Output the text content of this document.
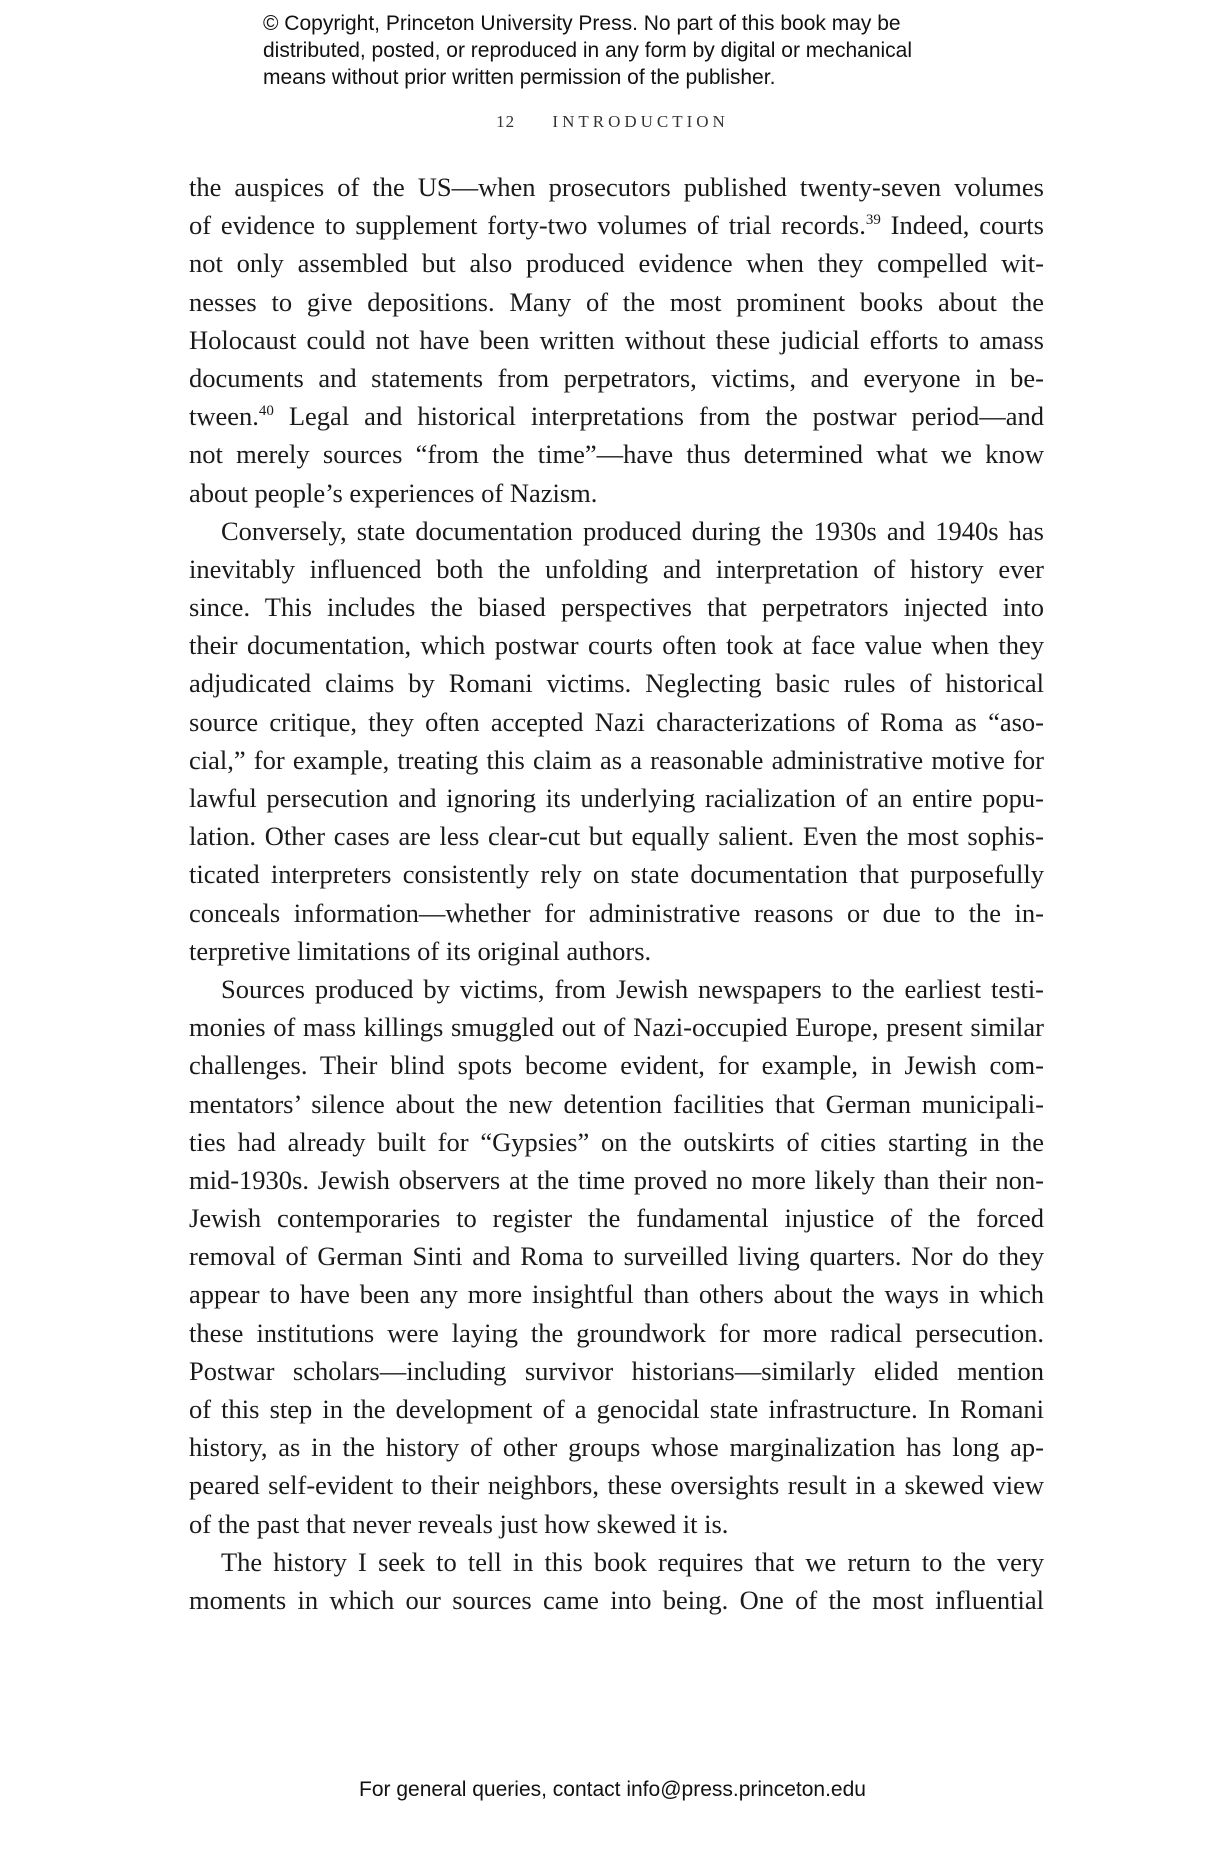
© Copyright, Princeton University Press. No part of this book may be
distributed, posted, or reproduced in any form by digital or mechanical
means without prior written permission of the publisher.
12 INTRODUCTION
the auspices of the US—when prosecutors published twenty-seven volumes
of evidence to supplement forty-two volumes of trial records.$^{39}$ Indeed, courts
not only assembled but also produced evidence when they compelled wit-
nesses to give depositions. Many of the most prominent books about the
Holocaust could not have been written without these judicial efforts to amass
documents and statements from perpetrators, victims, and everyone in be-
tween.$^{40}$ Legal and historical interpretations from the postwar period—and
not merely sources “from the time”—have thus determined what we know
about people’s experiences of Nazism.
Conversely, state documentation produced during the 1930s and 1940s has
inevitably influenced both the unfolding and interpretation of history ever
since. This includes the biased perspectives that perpetrators injected into
their documentation, which postwar courts often took at face value when they
adjudicated claims by Romani victims. Neglecting basic rules of historical
source critique, they often accepted Nazi characterizations of Roma as “aso-
cial,” for example, treating this claim as a reasonable administrative motive for
lawful persecution and ignoring its underlying racialization of an entire popu-
lation. Other cases are less clear-cut but equally salient. Even the most sophis-
ticated interpreters consistently rely on state documentation that purposefully
conceals information—whether for administrative reasons or due to the in-
terpretive limitations of its original authors.
Sources produced by victims, from Jewish newspapers to the earliest testi-
monies of mass killings smuggled out of Nazi-occupied Europe, present similar
challenges. Their blind spots become evident, for example, in Jewish com-
mentators’ silence about the new detention facilities that German municipali-
ties had already built for “Gypsies” on the outskirts of cities starting in the
mid-1930s. Jewish observers at the time proved no more likely than their non-
Jewish contemporaries to register the fundamental injustice of the forced
removal of German Sinti and Roma to surveilled living quarters. Nor do they
appear to have been any more insightful than others about the ways in which
these institutions were laying the groundwork for more radical persecution.
Postwar scholars—including survivor historians—similarly elided mention
of this step in the development of a genocidal state infrastructure. In Romani
history, as in the history of other groups whose marginalization has long ap-
peared self-evident to their neighbors, these oversights result in a skewed view
of the past that never reveals just how skewed it is.
The history I seek to tell in this book requires that we return to the very
moments in which our sources came into being. One of the most influential
For general queries, contact info@press.princeton.edu
